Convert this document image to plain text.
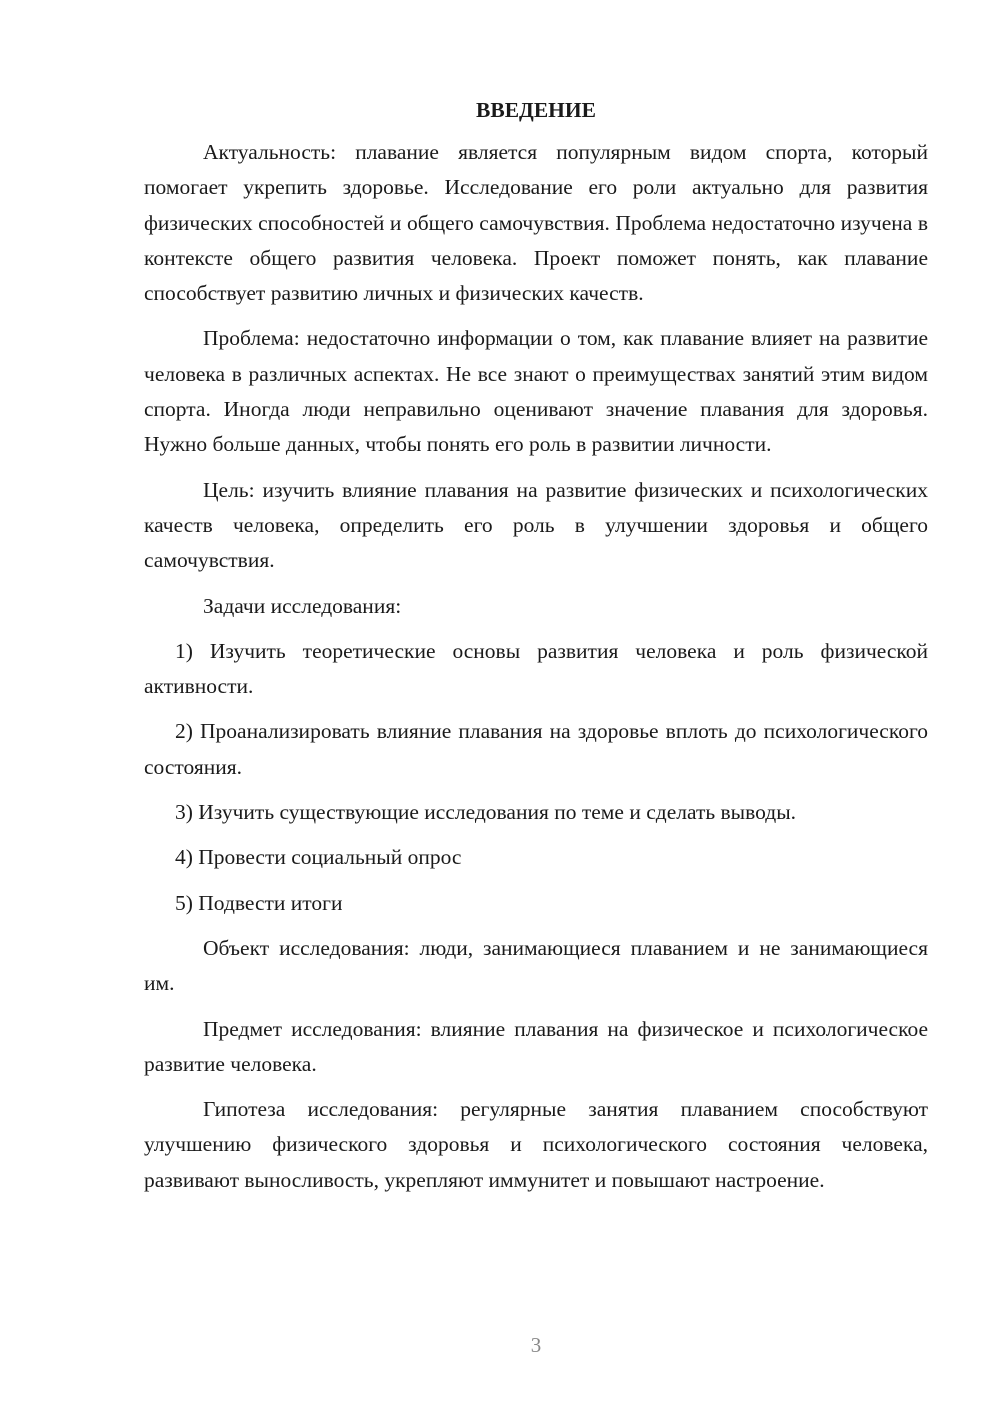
ВВЕДЕНИЕ

Актуальность: плавание является популярным видом спорта, который помогает укрепить здоровье. Исследование его роли актуально для развития физических способностей и общего самочувствия. Проблема недостаточно изучена в контексте общего развития человека. Проект поможет понять, как плавание способствует развитию личных и физических качеств.

Проблема: недостаточно информации о том, как плавание влияет на развитие человека в различных аспектах. Не все знают о преимуществах занятий этим видом спорта. Иногда люди неправильно оценивают значение плавания для здоровья. Нужно больше данных, чтобы понять его роль в развитии личности.

Цель: изучить влияние плавания на развитие физических и психологических качеств человека, определить его роль в улучшении здоровья и общего самочувствия.

Задачи исследования:

1) Изучить теоретические основы развития человека и роль физической активности.

2) Проанализировать влияние плавания на здоровье вплоть до психологического состояния.

3) Изучить существующие исследования по теме и сделать выводы.

4) Провести социальный опрос

5) Подвести итоги

Объект исследования: люди, занимающиеся плаванием и не занимающиеся им.

Предмет исследования: влияние плавания на физическое и психологическое развитие человека.

Гипотеза исследования: регулярные занятия плаванием способствуют улучшению физического здоровья и психологического состояния человека, развивают выносливость, укрепляют иммунитет и повышают настроение.

3
